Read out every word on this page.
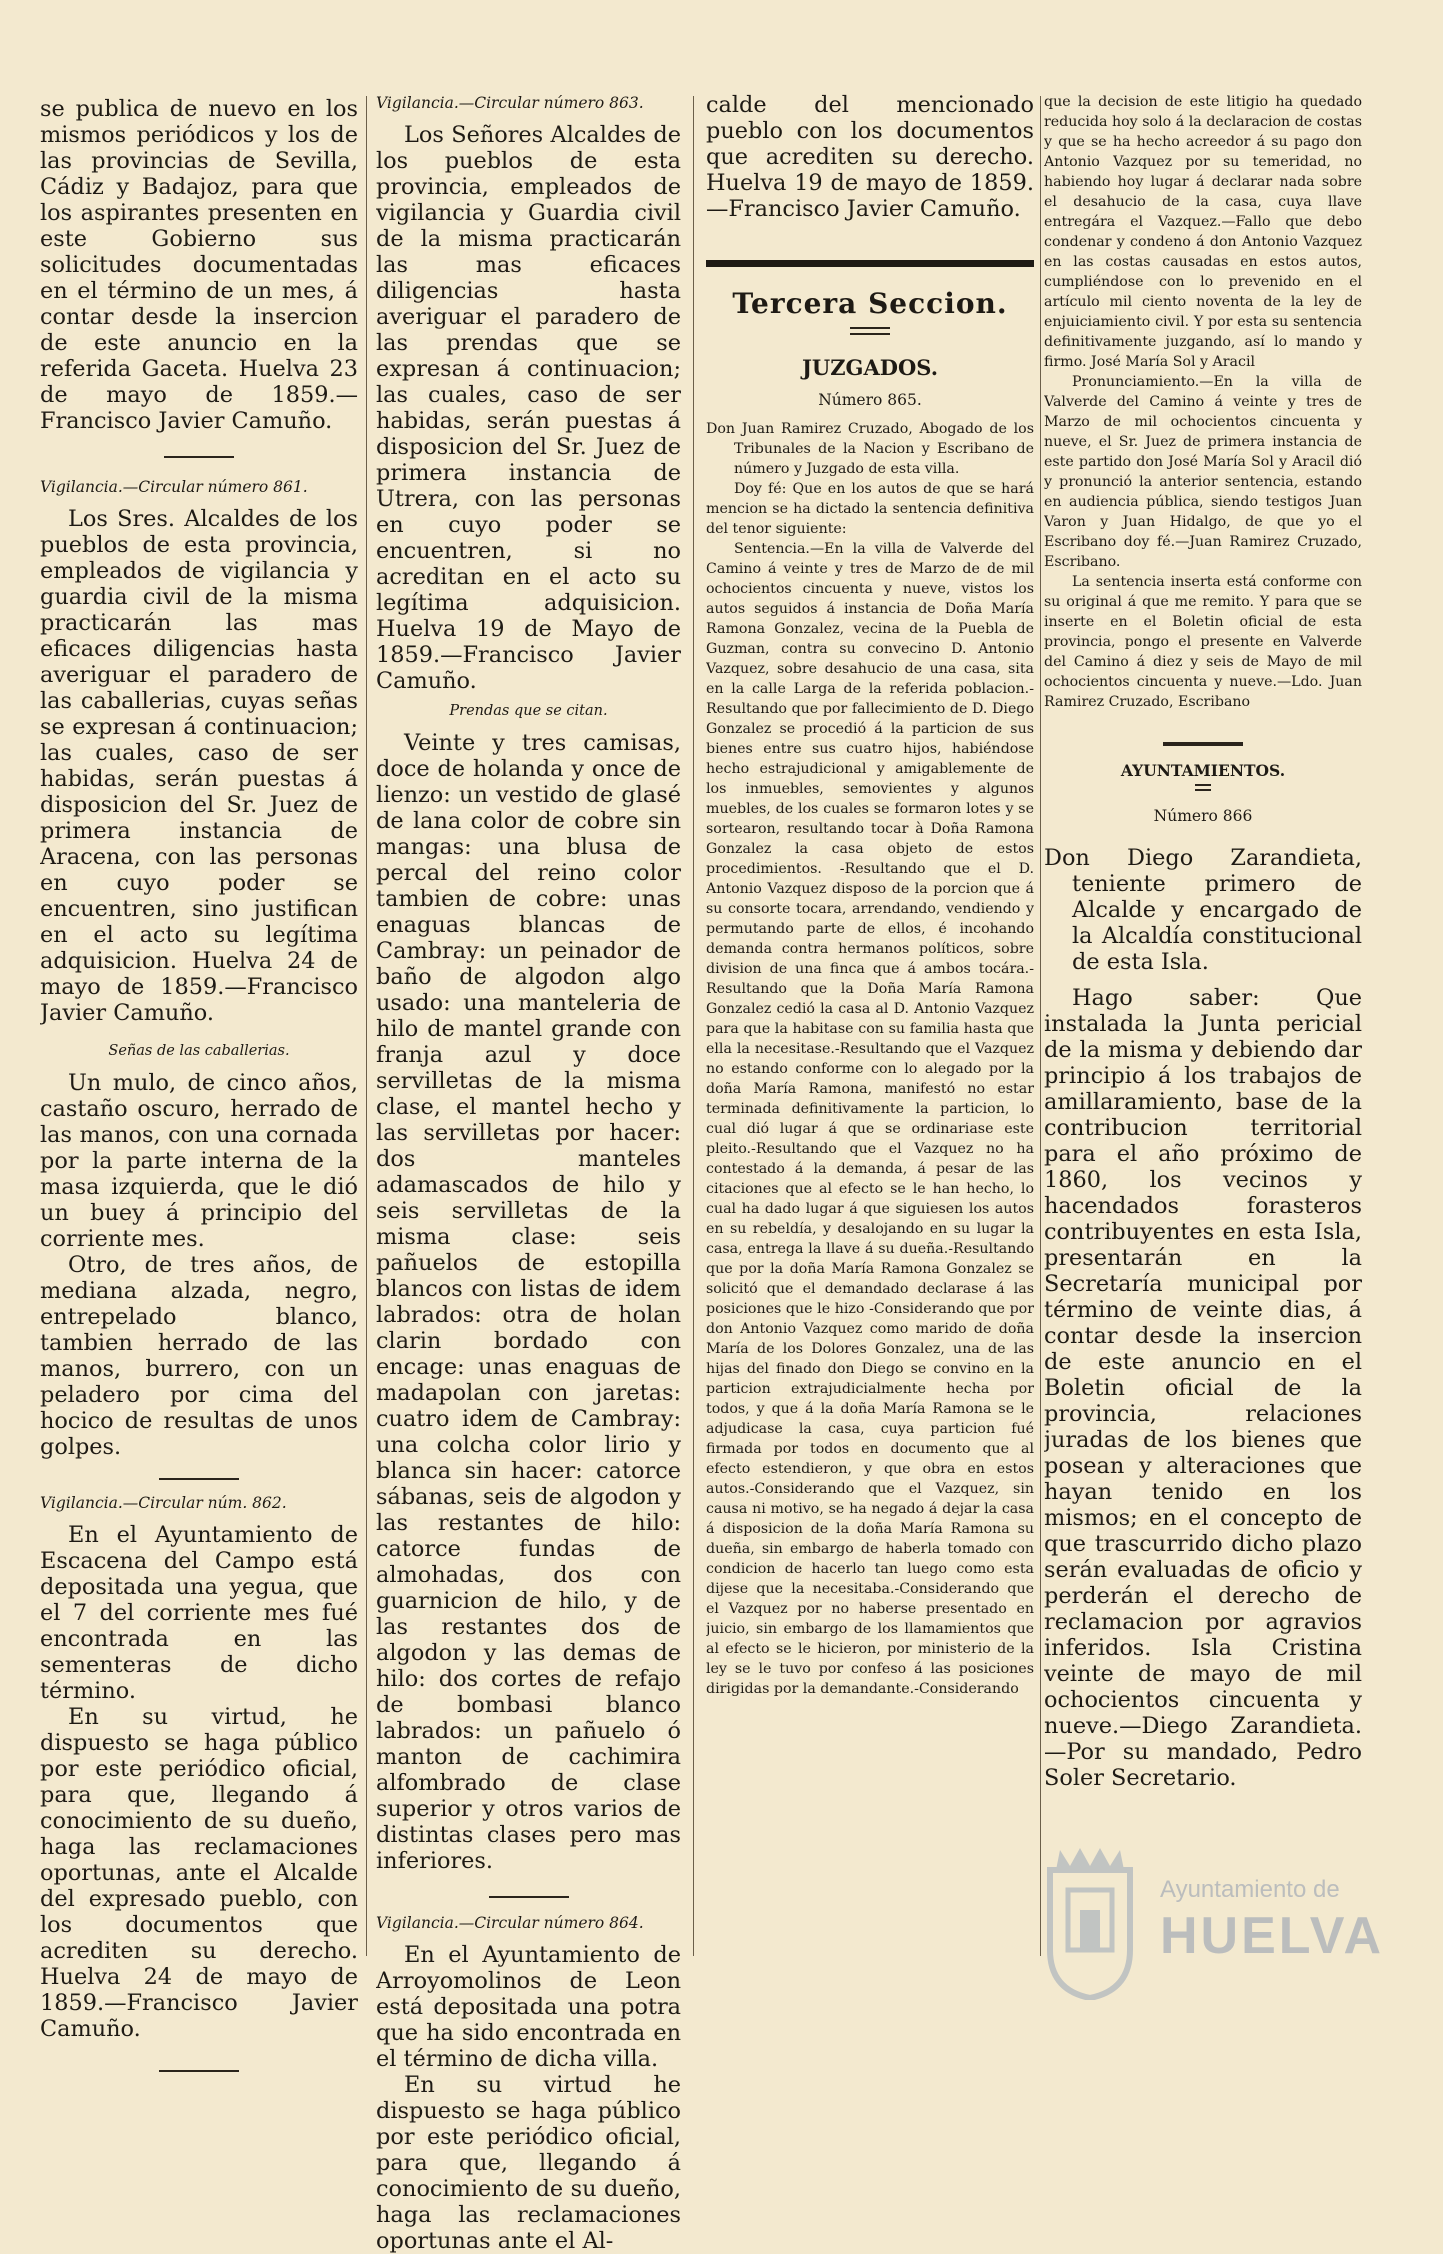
se publica de nuevo en los mismos periódicos y los de las provincias de Sevilla, Cádiz y Badajoz, para que los aspirantes presenten en este Gobierno sus solicitudes documentadas en el término de un mes, á contar desde la insercion de este anuncio en la referida Gaceta. Huelva 23 de mayo de 1859.—Francisco Javier Camuño.

Vigilancia.—Circular número 861.

Los Sres. Alcaldes de los pueblos de esta provincia, empleados de vigilancia y guardia civil de la misma practicarán las mas eficaces diligencias hasta averiguar el paradero de las caballerias, cuyas señas se expresan á continuacion; las cuales, caso de ser habidas, serán puestas á disposicion del Sr. Juez de primera instancia de Aracena, con las personas en cuyo poder se encuentren, sino justifican en el acto su legítima adquisicion. Huelva 24 de mayo de 1859.—Francisco Javier Camuño.

Señas de las caballerias.

Un mulo, de cinco años, castaño oscuro, herrado de las manos, con una cornada por la parte interna de la masa izquierda, que le dió un buey á principio del corriente mes.

Otro, de tres años, de mediana alzada, negro, entrepelado blanco, tambien herrado de las manos, burrero, con un peladero por cima del hocico de resultas de unos golpes.

Vigilancia.—Circular núm. 862.

En el Ayuntamiento de Escacena del Campo está depositada una yegua, que el 7 del corriente mes fué encontrada en las sementeras de dicho término.

En su virtud, he dispuesto se haga público por este periódico oficial, para que, llegando á conocimiento de su dueño, haga las reclamaciones oportunas, ante el Alcalde del expresado pueblo, con los documentos que acrediten su derecho. Huelva 24 de mayo de 1859.—Francisco Javier Camuño.

Vigilancia.—Circular número 863.

Los Señores Alcaldes de los pueblos de esta provincia, empleados de vigilancia y Guardia civil de la misma practicarán las mas eficaces diligencias hasta averiguar el paradero de las prendas que se expresan á continuacion; las cuales, caso de ser habidas, serán puestas á disposicion del Sr. Juez de primera instancia de Utrera, con las personas en cuyo poder se encuentren, si no acreditan en el acto su legítima adquisicion. Huelva 19 de Mayo de 1859.—Francisco Javier Camuño.

Prendas que se citan.

Veinte y tres camisas, doce de holanda y once de lienzo: un vestido de glasé de lana color de cobre sin mangas: una blusa de percal del reino color tambien de cobre: unas enaguas blancas de Cambray: un peinador de baño de algodon algo usado: una manteleria de hilo de mantel grande con franja azul y doce servilletas de la misma clase, el mantel hecho y las servilletas por hacer: dos manteles adamascados de hilo y seis servilletas de la misma clase: seis pañuelos de estopilla blancos con listas de idem labrados: otra de holan clarin bordado con encage: unas enaguas de madapolan con jaretas: cuatro idem de Cambray: una colcha color lirio y blanca sin hacer: catorce sábanas, seis de algodon y las restantes de hilo: catorce fundas de almohadas, dos con guarnicion de hilo, y de las restantes dos de algodon y las demas de hilo: dos cortes de refajo de bombasi blanco labrados: un pañuelo ó manton de cachimira alfombrado de clase superior y otros varios de distintas clases pero mas inferiores.

Vigilancia.—Circular número 864.

En el Ayuntamiento de Arroyomolinos de Leon está depositada una potra que ha sido encontrada en el término de dicha villa.

En su virtud he dispuesto se haga público por este periódico oficial, para que, llegando á conocimiento de su dueño, haga las reclamaciones oportunas ante el Al-

calde del mencionado pueblo con los documentos que acrediten su derecho. Huelva 19 de mayo de 1859.—Francisco Javier Camuño.

Tercera Seccion.
JUZGADOS.
Número 865.

Don Juan Ramirez Cruzado, Abogado de los Tribunales de la Nacion y Escribano de número y Juzgado de esta villa.

Doy fé: Que en los autos de que se hará mencion se ha dictado la sentencia definitiva del tenor siguiente:

Sentencia.—En la villa de Valverde del Camino á veinte y tres de Marzo de de mil ochocientos cincuenta y nueve, vistos los autos seguidos á instancia de Doña María Ramona Gonzalez, vecina de la Puebla de Guzman, contra su convecino D. Antonio Vazquez, sobre desahucio de una casa, sita en la calle Larga de la referida poblacion.-Resultando que por fallecimiento de D. Diego Gonzalez se procedió á la particion de sus bienes entre sus cuatro hijos, habiéndose hecho estrajudicional y amigablemente de los inmuebles, semovientes y algunos muebles, de los cuales se formaron lotes y se sortearon, resultando tocar à Doña Ramona Gonzalez la casa objeto de estos procedimientos. -Resultando que el D. Antonio Vazquez disposo de la porcion que á su consorte tocara, arrendando, vendiendo y permutando parte de ellos, é incohando demanda contra hermanos políticos, sobre division de una finca que á ambos tocára.-Resultando que la Doña María Ramona Gonzalez cedió la casa al D. Antonio Vazquez para que la habitase con su familia hasta que ella la necesitase.-Resultando que el Vazquez no estando conforme con lo alegado por la doña María Ramona, manifestó no estar terminada definitivamente la particion, lo cual dió lugar á que se ordinariase este pleito.-Resultando que el Vazquez no ha contestado á la demanda, á pesar de las citaciones que al efecto se le han hecho, lo cual ha dado lugar á que siguiesen los autos en su rebeldía, y desalojando en su lugar la casa, entrega la llave á su dueña.-Resultando que por la doña María Ramona Gonzalez se solicitó que el demandado declarase á las posiciones que le hizo -Considerando que por don Antonio Vazquez como marido de doña María de los Dolores Gonzalez, una de las hijas del finado don Diego se convino en la particion extrajudicialmente hecha por todos, y que á la doña María Ramona se le adjudicase la casa, cuya particion fué firmada por todos en documento que al efecto estendieron, y que obra en estos autos.-Considerando que el Vazquez, sin causa ni motivo, se ha negado á dejar la casa á disposicion de la doña María Ramona su dueña, sin embargo de haberla tomado con condicion de hacerlo tan luego como esta dijese que la necesitaba.-Considerando que el Vazquez por no haberse presentado en juicio, sin embargo de los llamamientos que al efecto se le hicieron, por ministerio de la ley se le tuvo por confeso á las posiciones dirigidas por la demandante.-Considerando

que la decision de este litigio ha quedado reducida hoy solo á la declaracion de costas y que se ha hecho acreedor á su pago don Antonio Vazquez por su temeridad, no habiendo hoy lugar á declarar nada sobre el desahucio de la casa, cuya llave entregára el Vazquez.—Fallo que debo condenar y condeno á don Antonio Vazquez en las costas causadas en estos autos, cumpliéndose con lo prevenido en el artículo mil ciento noventa de la ley de enjuiciamiento civil. Y por esta su sentencia definitivamente juzgando, así lo mando y firmo. José María Sol y Aracil

Pronunciamiento.—En la villa de Valverde del Camino á veinte y tres de Marzo de mil ochocientos cincuenta y nueve, el Sr. Juez de primera instancia de este partido don José María Sol y Aracil dió y pronunció la anterior sentencia, estando en audiencia pública, siendo testigos Juan Varon y Juan Hidalgo, de que yo el Escribano doy fé.—Juan Ramirez Cruzado, Escribano.

La sentencia inserta está conforme con su original á que me remito. Y para que se inserte en el Boletin oficial de esta provincia, pongo el presente en Valverde del Camino á diez y seis de Mayo de mil ochocientos cincuenta y nueve.—Ldo. Juan Ramirez Cruzado, Escribano

AYUNTAMIENTOS.
Número 866

Don Diego Zarandieta, teniente primero de Alcalde y encargado de la Alcaldía constitucional de esta Isla.

Hago saber: Que instalada la Junta pericial de la misma y debiendo dar principio á los trabajos de amillaramiento, base de la contribucion territorial para el año próximo de 1860, los vecinos y hacendados forasteros contribuyentes en esta Isla, presentarán en la Secretaría municipal por término de veinte dias, á contar desde la insercion de este anuncio en el Boletin oficial de la provincia, relaciones juradas de los bienes que posean y alteraciones que hayan tenido en los mismos; en el concepto de que trascurrido dicho plazo serán evaluadas de oficio y perderán el derecho de reclamacion por agravios inferidos. Isla Cristina veinte de mayo de mil ochocientos cincuenta y nueve.—Diego Zarandieta.—Por su mandado, Pedro Soler Secretario.

Ayuntamiento de
HUELVA
